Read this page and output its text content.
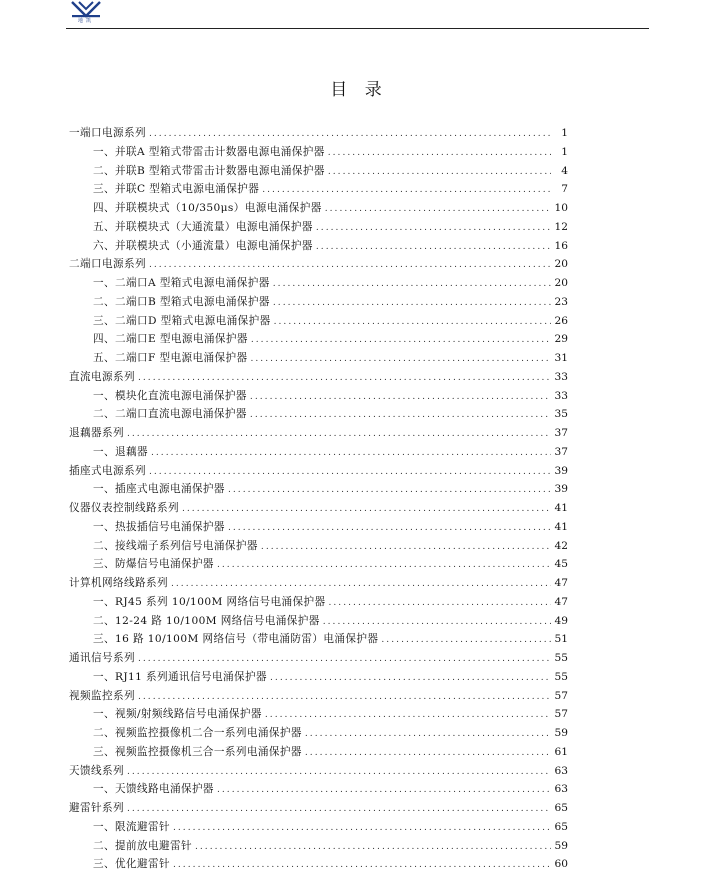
地凯
目 录
一端口电源系列 . . .	1
一、并联A 型箱式带雷击计数器电源电涌保护器 . . .	1
二、并联B 型箱式带雷击计数器电源电涌保护器 . . .	4
三、并联C 型箱式电源电涌保护器 . . .	7
四、并联模块式（10/350μs）电源电涌保护器 . . .	10
五、并联模块式（大通流量）电源电涌保护器 . . .	12
六、并联模块式（小通流量）电源电涌保护器 . . .	16
二端口电源系列 . . .	20
一、二端口A 型箱式电源电涌保护器 . . .	20
二、二端口B 型箱式电源电涌保护器 . . .	23
三、二端口D 型箱式电源电涌保护器 . . .	26
四、二端口E 型电源电涌保护器 . . .	29
五、二端口F 型电源电涌保护器 . . .	31
直流电源系列 . . .	33
一、模块化直流电源电涌保护器 . . .	33
二、二端口直流电源电涌保护器 . . .	35
退藕器系列 . . .	37
一、退藕器 . . .	37
插座式电源系列 . . .	39
一、插座式电源电涌保护器 . . .	39
仪器仪表控制线路系列 . . .	41
一、热拔插信号电涌保护器 . . .	41
二、接线端子系列信号电涌保护器 . . .	42
三、防爆信号电涌保护器 . . .	45
计算机网络线路系列 . . .	47
一、RJ45 系列 10/100M 网络信号电涌保护器 . . .	47
二、12-24 路 10/100M 网络信号电涌保护器 . . .	49
三、16 路 10/100M 网络信号（带电涌防雷）电涌保护器 . . .	51
通讯信号系列 . . .	55
一、RJ11 系列通讯信号电涌保护器 . . .	55
视频监控系列 . . .	57
一、视频/射频线路信号电涌保护器 . . .	57
二、视频监控摄像机二合一系列电涌保护器 . . .	59
三、视频监控摄像机三合一系列电涌保护器 . . .	61
天馈线系列 . . .	63
一、天馈线路电涌保护器 . . .	63
避雷针系列 . . .	65
一、限流避雷针 . . .	65
二、提前放电避雷针 . . .	59
三、优化避雷针 . . .	60
